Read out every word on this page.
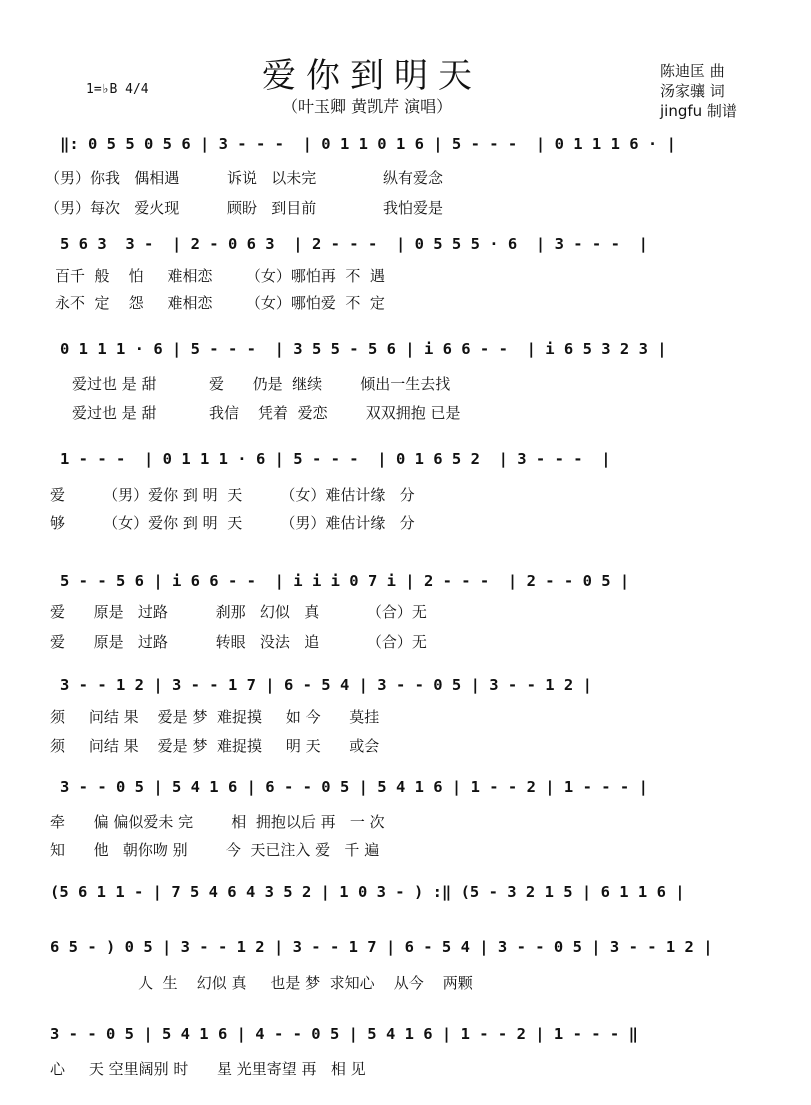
爱你到明天
（叶玉卿 黄凯芹 演唱）
1=♭B 4/4
陈迪匡 曲
汤家骧 词
jingfu 制谱
‖: 0 5 5 0 5 6 | 3 - - -  | 0 1 1 0 1 6 | 5 - - -  | 0 1 1 1 6 · |
（男）你我   偶相遇          诉说   以未完              纵有爱念
（男）每次   爱火现          顾盼   到目前              我怕爱是
5 6 3  3 -  | 2 - 0 6 3  | 2 - - -  | 0 5 5 5 · 6  | 3 - - -  |
百千  般    怕     难相恋       （女）哪怕再  不  遇
永不  定    怨     难相恋       （女）哪怕爱  不  定
0 1 1 1 · 6 | 5 - - -  | 3 5 5 - 5 6 | i 6 6 - -  | i 6 5 3 2 3 |
爱过也 是 甜           爱      仍是  继续        倾出一生去找
爱过也 是 甜           我信    凭着  爱恋        双双拥抱 已是
1 - - -  | 0 1 1 1 · 6 | 5 - - -  | 0 1 6 5 2  | 3 - - -  |
爱        （男）爱你 到 明  天        （女）难估计缘   分
够        （女）爱你 到 明  天        （男）难估计缘   分
5 - - 5 6 | i 6 6 - -  | i i i 0 7 i | 2 - - -  | 2 - - 0 5 |
爱      原是   过路          刹那   幻似   真          （合）无
爱      原是   过路          转眼   没法   追          （合）无
3 - - 1 2 | 3 - - 1 7 | 6 - 5 4 | 3 - - 0 5 | 3 - - 1 2 |
须     问结 果    爱是 梦  难捉摸     如 今      莫挂
须     问结 果    爱是 梦  难捉摸     明 天      或会
3 - - 0 5 | 5 4 1 6 | 6 - - 0 5 | 5 4 1 6 | 1 - - 2 | 1 - - - |
牵      偏 偏似爱未 完        相  拥抱以后 再   一 次
知      他   朝你吻 别        今  天已注入 爱   千 遍
(5 6 1 1 - | 7 5 4 6 4 3 5 2 | 1 0 3 - ) :‖ (5 - 3 2 1 5 | 6 1 1 6 |
6 5 - ) 0 5 | 3 - - 1 2 | 3 - - 1 7 | 6 - 5 4 | 3 - - 0 5 | 3 - - 1 2 |
人  生    幻似 真     也是 梦  求知心    从今    两颗
3 - - 0 5 | 5 4 1 6 | 4 - - 0 5 | 5 4 1 6 | 1 - - 2 | 1 - - - ‖
心     天 空里阔别 时      星 光里寄望 再   相 见
